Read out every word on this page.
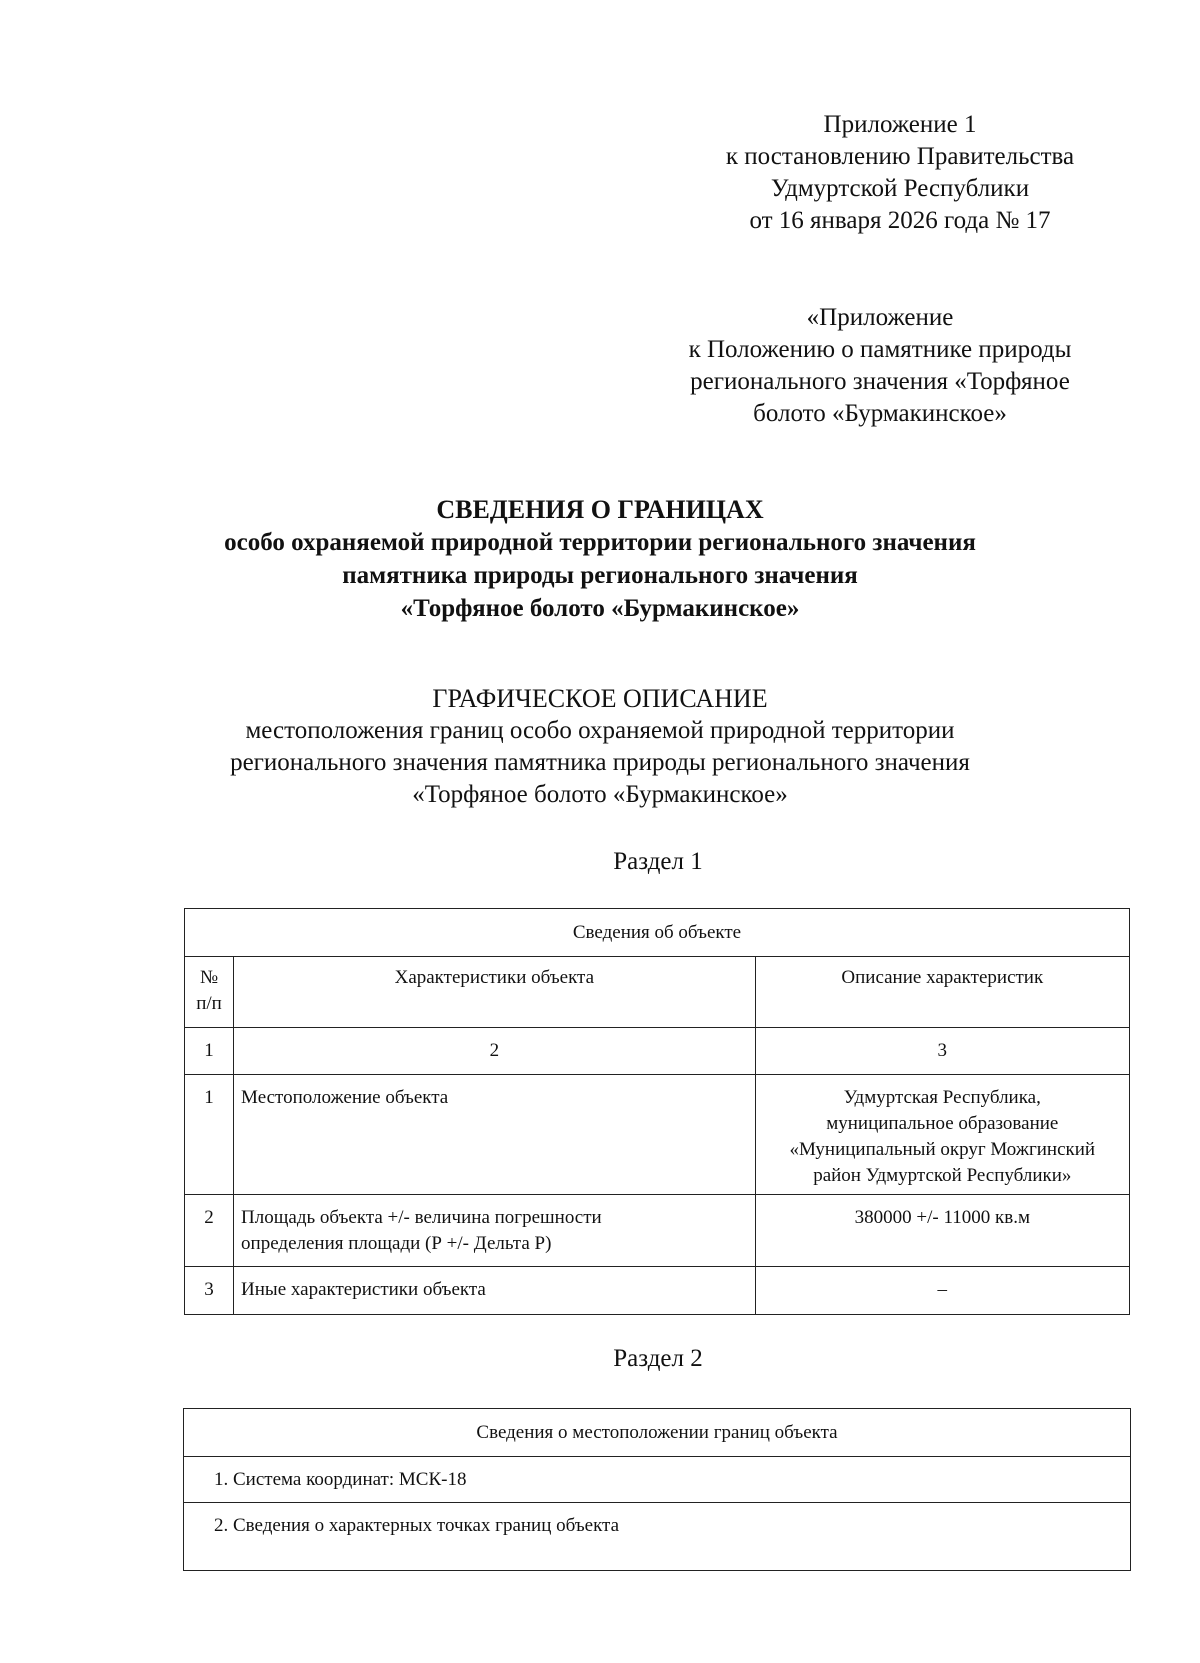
Приложение 1
к постановлению Правительства
Удмуртской Республики
от 16 января 2026 года № 17
«Приложение
к Положению о памятнике природы
регионального значения «Торфяное
болото «Бурмакинское»
СВЕДЕНИЯ О ГРАНИЦАХ
особо охраняемой природной территории регионального значения
памятника природы регионального значения
«Торфяное болото «Бурмакинское»
ГРАФИЧЕСКОЕ ОПИСАНИЕ
местоположения границ особо охраняемой природной территории
регионального значения памятника природы регионального значения
«Торфяное болото «Бурмакинское»
Раздел 1
Сведения об объекте		

№
п/п	Характеристики объекта	Описание характеристик
1	2	3
1	Местоположение объекта	Удмуртская Республика,
муниципальное образование
«Муниципальный округ Можгинский
район Удмуртской Республики»

2	Площадь объекта +/- величина погрешности
определения площади (Р +/- Дельта Р)	380000 +/- 11000 кв.м
3	Иные характеристики объекта	–
Раздел 2
Сведения о местоположении границ объекта
1. Система координат: МСК-18
2. Сведения о характерных точках границ объекта
